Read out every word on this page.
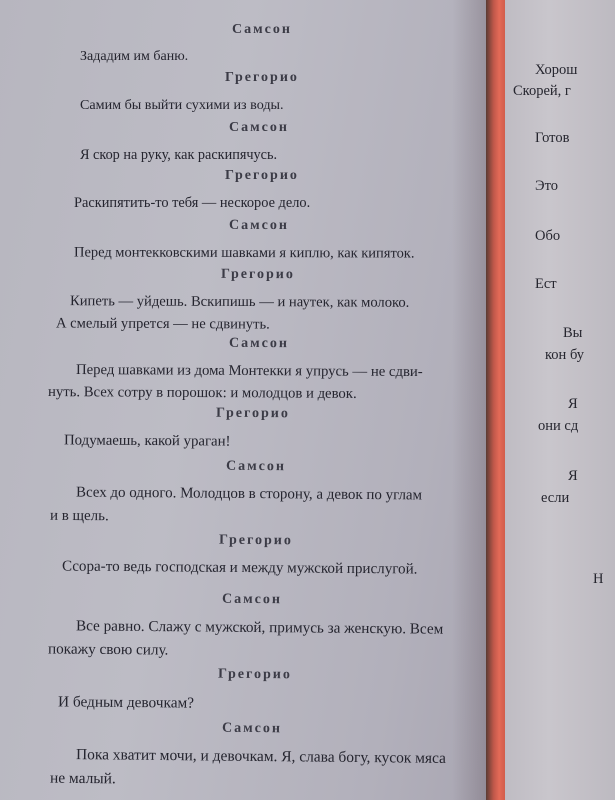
Самсон
Зададим им баню.
Грегорио
Самим бы выйти сухими из воды.
Самсон
Я скор на руку, как раскипячусь.
Грегорио
Раскипятить-то тебя — нескорое дело.
Самсон
Перед монтекковскими шавками я киплю, как кипяток.
Грегорио
Кипеть — уйдешь. Вскипишь — и наутек, как молоко.
А смелый упрется — не сдвинуть.
Самсон
Перед шавками из дома Монтекки я упрусь — не сдви-
нуть. Всех сотру в порошок: и молодцов и девок.
Грегорио
Подумаешь, какой ураган!
Самсон
Всех до одного. Молодцов в сторону, а девок по углам
и в щель.
Грегорио
Ссора-то ведь господская и между мужской прислугой.
Самсон
Все равно. Слажу с мужской, примусь за женскую. Всем
покажу свою силу.
Грегорио
И бедным девочкам?
Самсон
Пока хватит мочи, и девочкам. Я, слава богу, кусок мяса
не малый.
Хорош
Скорей, г
Готов
Это
Обо
Ест
Вы
кон бу
Я
они сд
Я
если
Н
